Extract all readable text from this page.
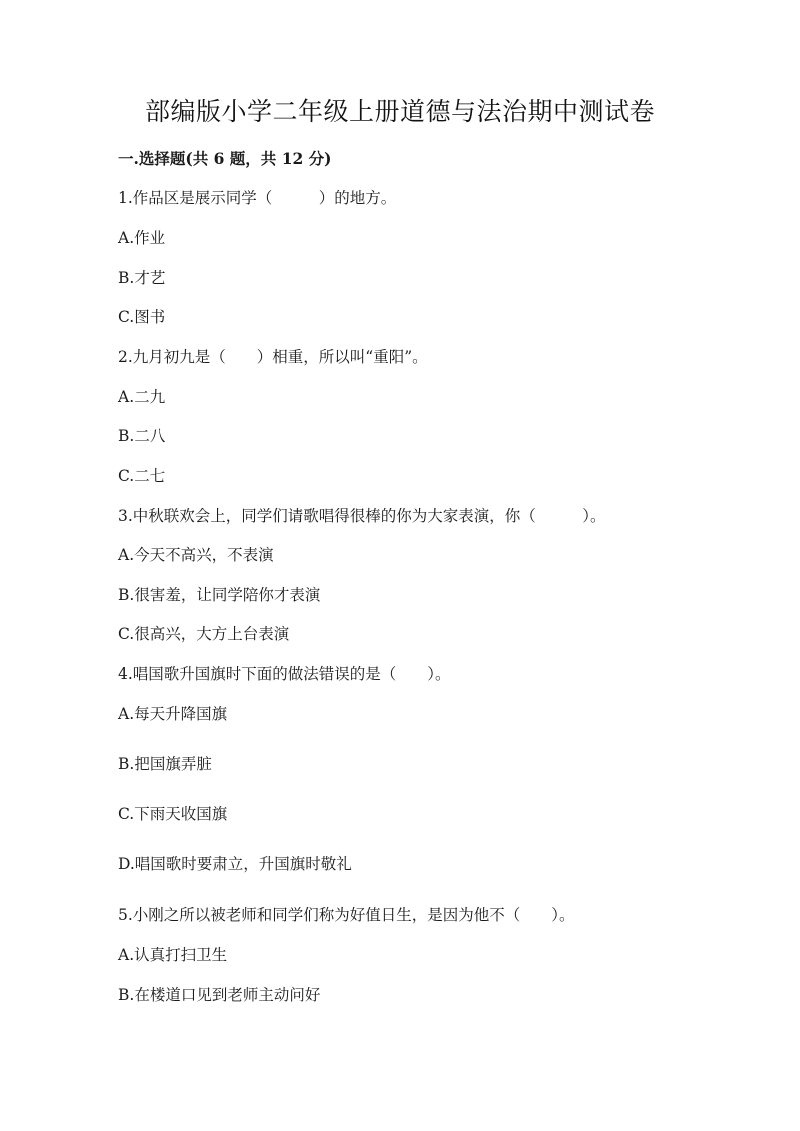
部编版小学二年级上册道德与法治期中测试卷
一.选择题(共 6 题，共 12 分)
1.作品区是展示同学（　　　）的地方。
A.作业
B.才艺
C.图书
2.九月初九是（　　）相重，所以叫“重阳”。
A.二九
B.二八
C.二七
3.中秋联欢会上，同学们请歌唱得很棒的你为大家表演，你（　　　）。
A.今天不高兴，不表演
B.很害羞，让同学陪你才表演
C.很高兴，大方上台表演
4.唱国歌升国旗时下面的做法错误的是（　　）。
A.每天升降国旗
B.把国旗弄脏
C.下雨天收国旗
D.唱国歌时要肃立，升国旗时敬礼
5.小刚之所以被老师和同学们称为好值日生，是因为他不（　　）。
A.认真打扫卫生
B.在楼道口见到老师主动问好
